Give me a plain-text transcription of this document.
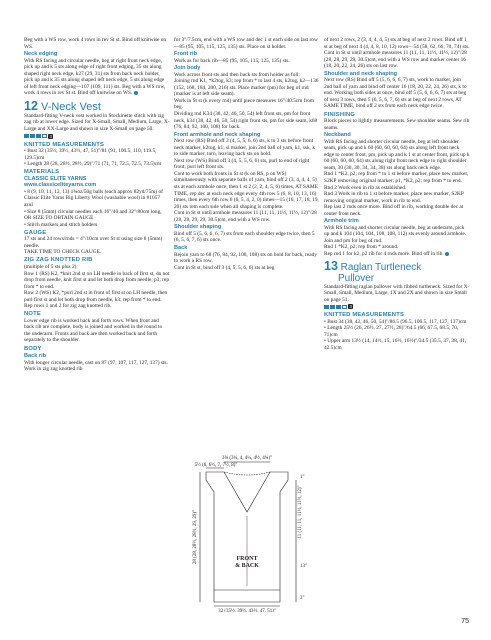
Beg with a WS row, work 4 rows in rev St st. Bind off knitwise on WS.

Neck edging

With RS facing and circular needle, beg at right front neck edge, pick up and k 5 sts along edge of right front edging, 35 sts along shaped right neck edge, k27 (29, 31) sts from back neck holder, pick up and k 35 sts along shaped left neck edge, 5 sts along edge of left front neck edging—107 (109, 111) sts. Beg with a WS row, work 4 rows in rev St st. Bind off knitwise on WS.

12 V-Neck Vest

Standard-fitting V-neck vest worked in Stockinette stitch with zig zag rib at lower edge. Sized for X-Small, Small, Medium, Large, X-Large and XX-Large and shown in size X-Small on page 50.

3

KNITTED MEASUREMENTS

• Bust 32 (35½, 39½, 43½, 47, 51)"/81 (91, 100.5, 110, 119.5, 129.5)cm

• Length 28 (28, 28½, 28½, 29)"/71 (71, 71, 72.5, 72.5, 73.5)cm

MATERIALS

CLASSIC ELITE YARNS

www.classiceliteyarns.com

• 8 (9, 10, 11, 12, 13) 1¾oz/50g balls (each approx 82yd/75m) of Classic Elite Yarns Big Liberty Wool (washable wool) in #1057 azul

• Size 8 (5mm) circular needles each 16"/40 and 32"/80cm long, OR SIZE TO OBTAIN GAUGE

• Stitch markers and stitch holders

GAUGE

17 sts and 24 rows/rnds = 4"/10cm over St st using size 8 (5mm) needle.

TAKE TIME TO CHECK GAUGE.

ZIG ZAG KNOTTED RIB

(multiple of 5 sts plus 2)

Row 1 (RS) K2, *knit 2nd st on LH needle in back of first st, do not drop from needle, knit first st and let both drop from needle, p3; rep from * to end.

Row 2 (WS) K2, *purl 2nd st in front of first st on LH needle, then purl first st and let both drop from needle, k3; rep from * to end.

Rep rows 1 and 2 for zig zag knotted rib.

NOTE

Lower edge rib is worked back and forth rows. When front and back rib are complete, body is joined and worked in the round to the underarm. Fronts and back are then worked back and forth separately to the shoulder.

BODY

Back rib

With longer circular needle, cast on 87 (97, 107, 117, 127, 137) sts. Work in zig zag knotted rib

for 3"/7.5cm, end with a WS row and dec 1 st each side on last row—85 (95, 105, 115, 125, 135) sts. Place on st holder.

Front rib

Work as for back rib—85 (95, 105, 115, 125, 135) sts.

Join body

Work across front sts and then back sts from holder as foll:

Joining rnd K1, *k2tog, k3; rep from * to last 4 sts, k2tog, k2—136 (152, 168, 184, 200, 216) sts. Place marker (pm) for beg of rnd (marker is at left side seam).

Work in St st (k every rnd) until piece measures 16"/40.5cm from beg.

Dividing rnd K34 (38, 42, 46, 50, 54) left front sts, pm for front neck, k34 (38, 42, 46, 50, 54) right front sts, pm for side seam, k68 (76, 84, 92, 100, 108) for back.

Front armhole and neck shaping

Next row (RS) Bind off 3 (4, 5, 5, 6, 6) sts, k to 3 sts before front neck marker, k2tog, k1; sl marker, join 2nd ball of yarn, k1, ssk, k to side marker, turn, leaving back sts on hold.

Next row (WS) Bind off 3 (4, 5, 5, 6, 6) sts, purl to end of right front; purl left front sts.

Cont to work both fronts in St st (k on RS, p on WS) simultaneously with separate balls of yarn, bind off 2 (3, 4, 4, 4, 5) sts at each armhole once, then 1 st 2 (2, 2, 4, 5, 6) times, AT SAME TIME, rep dec at each neck edge every 4th row 5 (6, 8, 10, 13, 16) times, then every 6th row 6 (6, 5, 4, 2, 0) times—15 (16, 17, 18, 19, 20) sts rem each side when all shaping is complete.

Cont in St st until armhole measures 11 (11, 11, 11½, 11½, 12)"/28 (28, 28, 29, 29, 30.5)cm, end with a WS row.

Shoulder shaping

Bind off 5 (5, 6, 6, 6, 7) sts from each shoulder edge twice, then 5 (6, 5, 6, 7, 6) sts once.

Back

Rejoin yarn to 68 (76, 84, 92, 100, 108) sts on hold for back, ready to work a RS row.

Cont in St st, bind off 3 (4, 5, 5, 6, 6) sts at beg

3⅜ (3¾, 4, 4¼, 4½, 4¾)"
5½ (6, 6½, 7, 7½, 8)"
1"
28 (28, 28½, 28½, 29, 29)"	11 (11, 11, 11½, 11½, 12)"
FRONT
& BACK	13"
3"
32 (35½, 39½, 43½, 47, 51)"

of next 2 rows, 2 (3, 4, 4, 4, 5) sts at beg of next 2 rows. Bind off 1 st at beg of next 4 (4, 4, 8, 10, 12) rows—54 (58, 62, 66, 70, 74) sts.

Cont in St st until armhole measures 11 (11, 11, 11½, 11½, 12)"/28 (28, 28, 29, 29, 30.5)cm, end with a WS row and marker center 16 (18, 20, 22, 24, 26) sts on last row.

Shoulder and neck shaping

Next row (RS) Bind off 5 (5, 6, 6, 6, 7) sts, work to marker, join 2nd ball of yarn and bind off center 16 (18, 20, 22, 24, 26) sts, k to end. Working both sides at once, bind off 5 (5, 6, 6, 6, 7) sts at beg of next 3 rows, then 5 (6, 5, 6, 7, 6) sts at beg of next 2 rows, AT SAME TIME, bind off 2 sts from each neck edge twice.

FINISHING

Block pieces to lightly measurements. Sew shoulder seams. Sew rib seams.

Neckband

With RS facing and shorter circular needle, beg at left shoulder seam, pick up and k 60 (60, 60, 60, 64) sts along left front neck edge to center front, pm, pick up and k 1 st at center front, pick up k 60 (60, 60, 60, 64) sts along right front neck edge to right shoulder seam, 30 (30, 30, 34, 34, 38) sts along back neck edge.

Rnd 1 *K2, p2; rep from * to 1 st before marker, place new marker, S2KP removing original marker; p1, *K2, p2; rep from * to end.

Rnd 2 Work even in rib as established.

Rnd 3 Work in rib to 1 st before marker, place new marker, S2KP removing original marker, work in rib to end.

Rep last 2 rnds once more. Bind off in rib, working double dec at center front neck.

Armhole trim

With RS facing and shorter circular needle, beg at underarm, pick up and k 104 (104, 104, 108, 108, 112) sts evenly around armhole. Join and pm for beg of rnd.

Rnd 1 *K2, p2; rep from * around.

Rep rnd 1 for k2, p2 rib for 4 rnds more. Bind off in rib.

13 Raglan Turtleneck
Pullover

Standard-fitting raglan pullover with ribbed turtleneck. Sized for X-Small, Small, Medium, Large, 1X and 2X and shown in size Small on page 51.

3

KNITTED MEASUREMENTS

• Bust 34 (38, 42, 46, 50, 54)"/86.5 (96.5, 106.5, 117, 127, 137)cm

• Length 25½ (26, 26½, 27, 27½, 28)"/64.5 (66, 67.5, 68.5, 70, 71)cm

• Upper arm 13½ (14, 14½, 15, 16½, 16½)"/34.5 (35.5, 37, 38, 41, 42.5)cm

75
